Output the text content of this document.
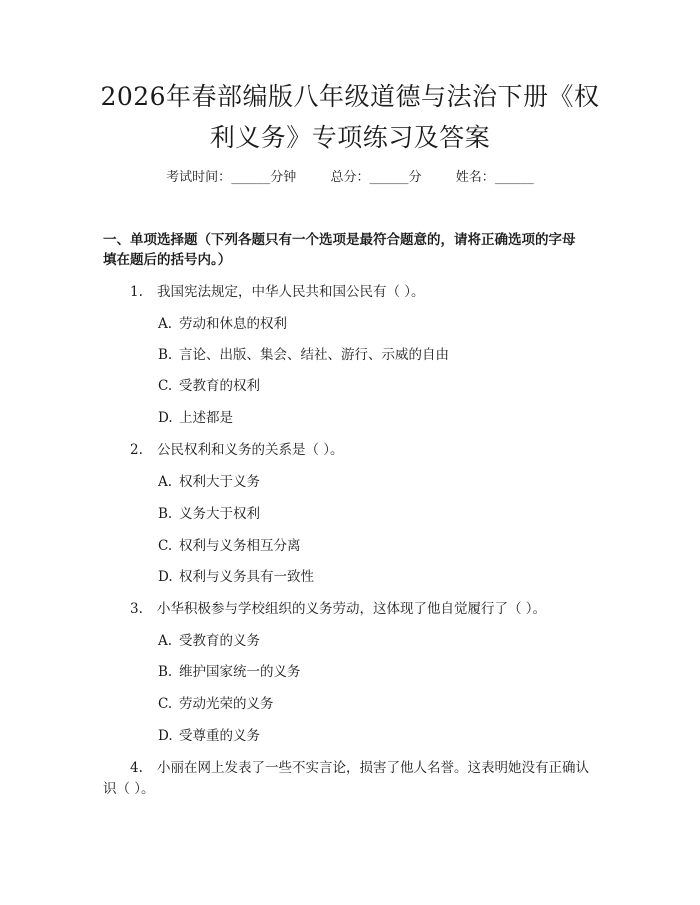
2026年春部编版八年级道德与法治下册《权
利义务》专项练习及答案
考试时间：______分钟	总分：______分	姓名：______
一、单项选择题（下列各题只有一个选项是最符合题意的，请将正确选项的字母
填在题后的括号内。）
1. 我国宪法规定，中华人民共和国公民有（ ）。
A. 劳动和休息的权利
B. 言论、出版、集会、结社、游行、示威的自由
C. 受教育的权利
D. 上述都是
2. 公民权利和义务的关系是（ ）。
A. 权利大于义务
B. 义务大于权利
C. 权利与义务相互分离
D. 权利与义务具有一致性
3. 小华积极参与学校组织的义务劳动，这体现了他自觉履行了（ ）。
A. 受教育的义务
B. 维护国家统一的义务
C. 劳动光荣的义务
D. 受尊重的义务
4. 小丽在网上发表了一些不实言论，损害了他人名誉。这表明她没有正确认
识（ ）。
